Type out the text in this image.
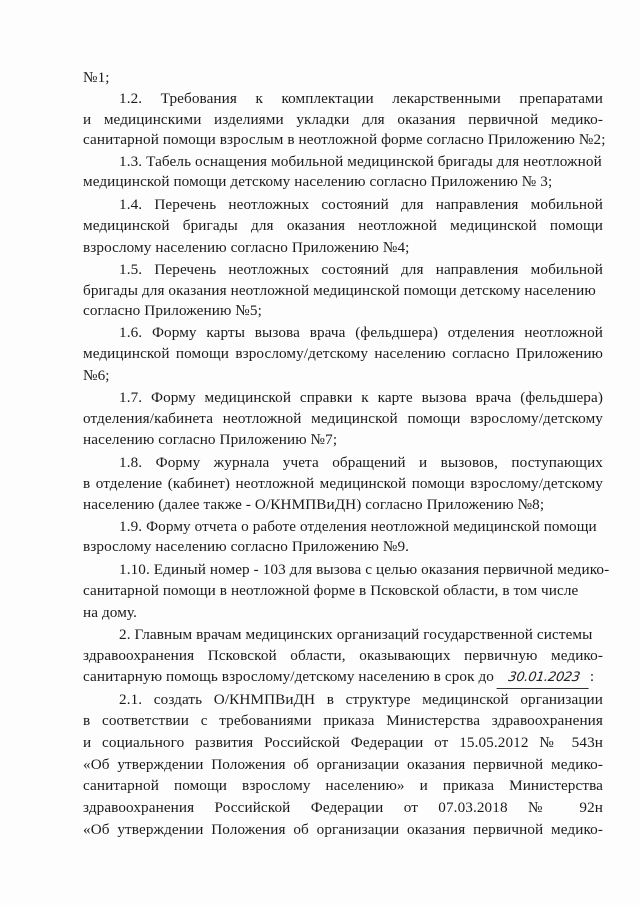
№1;
1.2. Требования к комплектации лекарственными препаратами
и медицинскими изделиями укладки для оказания первичной медико-
санитарной помощи взрослым в неотложной форме согласно Приложению №2;
1.3. Табель оснащения мобильной медицинской бригады для неотложной
медицинской помощи детскому населению согласно Приложению № 3;
1.4. Перечень неотложных состояний для направления мобильной
медицинской бригады для оказания неотложной медицинской помощи
взрослому населению согласно Приложению №4;
1.5. Перечень неотложных состояний для направления мобильной
бригады для оказания неотложной медицинской помощи детскому населению
согласно Приложению №5;
1.6. Форму карты вызова врача (фельдшера) отделения неотложной
медицинской помощи взрослому/детскому населению согласно Приложению
№6;
1.7. Форму медицинской справки к карте вызова врача (фельдшера)
отделения/кабинета неотложной медицинской помощи взрослому/детскому
населению согласно Приложению №7;
1.8. Форму журнала учета обращений и вызовов, поступающих
в отделение (кабинет) неотложной медицинской помощи взрослому/детскому
населению (далее также - О/КНМПВиДН) согласно Приложению №8;
1.9. Форму отчета о работе отделения неотложной медицинской помощи
взрослому населению согласно Приложению №9.
1.10. Единый номер - 103 для вызова с целью оказания первичной медико-
санитарной помощи в неотложной форме в Псковской области, в том числе
на дому.
2. Главным врачам медицинских организаций государственной системы
здравоохранения Псковской области, оказывающих первичную медико-
санитарную помощь взрослому/детскому населению в срок до 30.01.2023 :
2.1. создать О/КНМПВиДН в структуре медицинской организации
в соответствии с требованиями приказа Министерства здравоохранения
и социального развития Российской Федерации от 15.05.2012 № 543н
«Об утверждении Положения об организации оказания первичной медико-
санитарной помощи взрослому населению» и приказа Министерства
здравоохранения Российской Федерации от 07.03.2018 № 92н
«Об утверждении Положения об организации оказания первичной медико-
